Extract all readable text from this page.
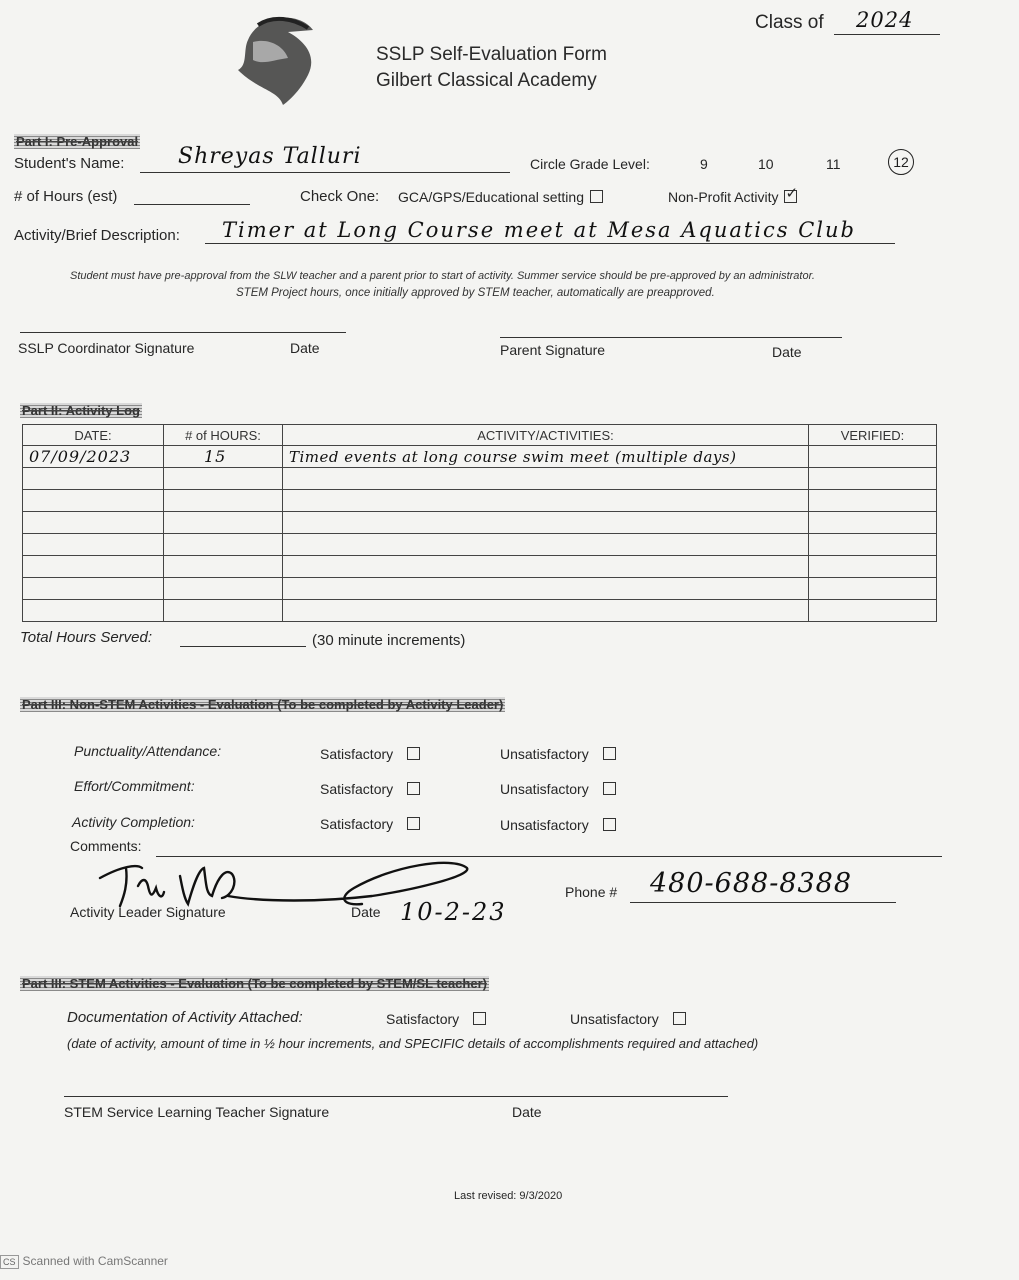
Class of 2024
SSLP Self-Evaluation Form
Gilbert Classical Academy
Part I: Pre-Approval
Student's Name: Shreyas Talluri	Circle Grade Level:	9	10	11	12
# of Hours (est)	Check One: GCA/GPS/Educational setting	Non-Profit Activity ✓
Activity/Brief Description: Timer at Long Course meet at Mesa Aquatics Club
Student must have pre-approval from the SLW teacher and a parent prior to start of activity. Summer service should be pre-approved by an administrator.
STEM Project hours, once initially approved by STEM teacher, automatically are preapproved.
SSLP Coordinator Signature	Date	Parent Signature	Date
Part II: Activity Log
DATE:	# of HOURS:	ACTIVITY/ACTIVITIES:	VERIFIED:
07/09/2023	15	Timed events at long course swim meet (multiple days)	

Total Hours Served:	(30 minute increments)
Part III: Non-STEM Activities - Evaluation (To be completed by Activity Leader)
Punctuality/Attendance:	Satisfactory	Unsatisfactory
Effort/Commitment:	Satisfactory	Unsatisfactory
Activity Completion:	Satisfactory	Unsatisfactory
Comments:
Activity Leader Signature	Date 10-2-23
Phone # 480-688-8388
Part III: STEM Activities - Evaluation (To be completed by STEM/SL teacher)
Documentation of Activity Attached:	Satisfactory	Unsatisfactory
(date of activity, amount of time in ½ hour increments, and SPECIFIC details of accomplishments required and attached)
STEM Service Learning Teacher Signature	Date
Last revised: 9/3/2020
CS Scanned with CamScanner
